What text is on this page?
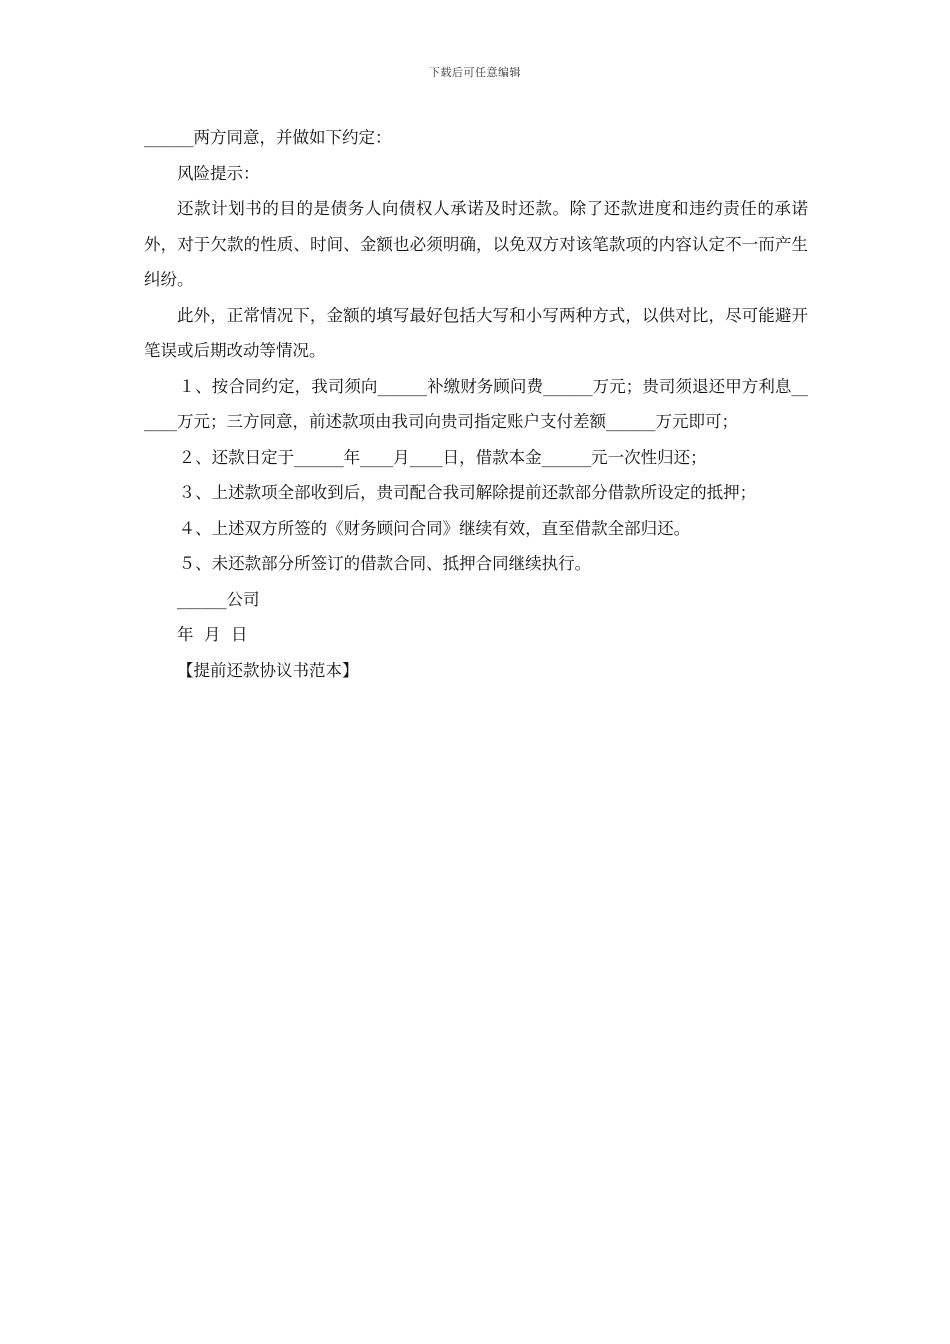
下载后可任意编辑

______两方同意，并做如下约定：

风险提示：

还款计划书的目的是债务人向债权人承诺及时还款。除了还款进度和违约责任的承诺外，对于欠款的性质、时间、金额也必须明确，以免双方对该笔款项的内容认定不一而产生纠纷。

此外，正常情况下，金额的填写最好包括大写和小写两种方式，以供对比，尽可能避开笔误或后期改动等情况。

１、按合同约定，我司须向______补缴财务顾问费______万元；贵司须退还甲方利息______万元；三方同意，前述款项由我司向贵司指定账户支付差额______万元即可；

２、还款日定于______年____月____日，借款本金______元一次性归还；

３、上述款项全部收到后，贵司配合我司解除提前还款部分借款所设定的抵押；

４、上述双方所签的《财务顾问合同》继续有效，直至借款全部归还。

５、未还款部分所签订的借款合同、抵押合同继续执行。

______公司

年  月  日

【提前还款协议书范本】
